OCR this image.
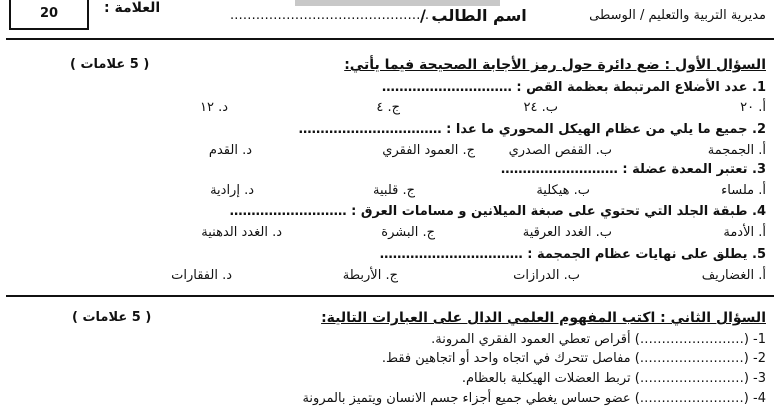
20	العلامة :	……………………………………….
اسم الطالب /	مديرية التربية والتعليم / الوسطى
السؤال الأول : ضع دائرة حول رمز الأجابة الصحيحة فيما يأتي:
( 5 علامات )
1. عدد الأضلاع المرتبطة بعظمة القص : …………………………
أ. ٢٠
ب. ٢٤
ج. ٤
د. ١٢
2. جميع ما يلي من عظام الهيكل المحوري ما عدا : ……………………………
أ. الجمجمة
ب. القفص الصدري
ج. العمود الفقري
د. القدم
3. تعتبر المعدة عضلة : ………………………
أ. ملساء
ب. هيكلية
ج. قلبية
د. إرادية
4. طبقة الجلد التي تحتوي على صبغة الميلانين و مسامات العرق : ………………………
أ. الأدمة
ب. الغدد العرقية
ج. البشرة
د. الغدد الدهنية
5. يطلق على نهايات عظام الجمجمة : ……………………………
أ. الغضاريف
ب. الدرازات
ج. الأربطة
د. الفقارات
السؤال الثاني : اكتب المفهوم العلمي الدال على العبارات التالية:
( 5 علامات )
1- (……………………) أقراص تعطي العمود الفقري المرونة.
2- (……………………) مفاصل تتحرك في اتجاه واحد أو اتجاهين فقط.
3- (……………………) تربط العضلات الهيكلية بالعظام.
4- (……………………) عضو حساس يغطي جميع أجزاء جسم الانسان ويتميز بالمرونة
